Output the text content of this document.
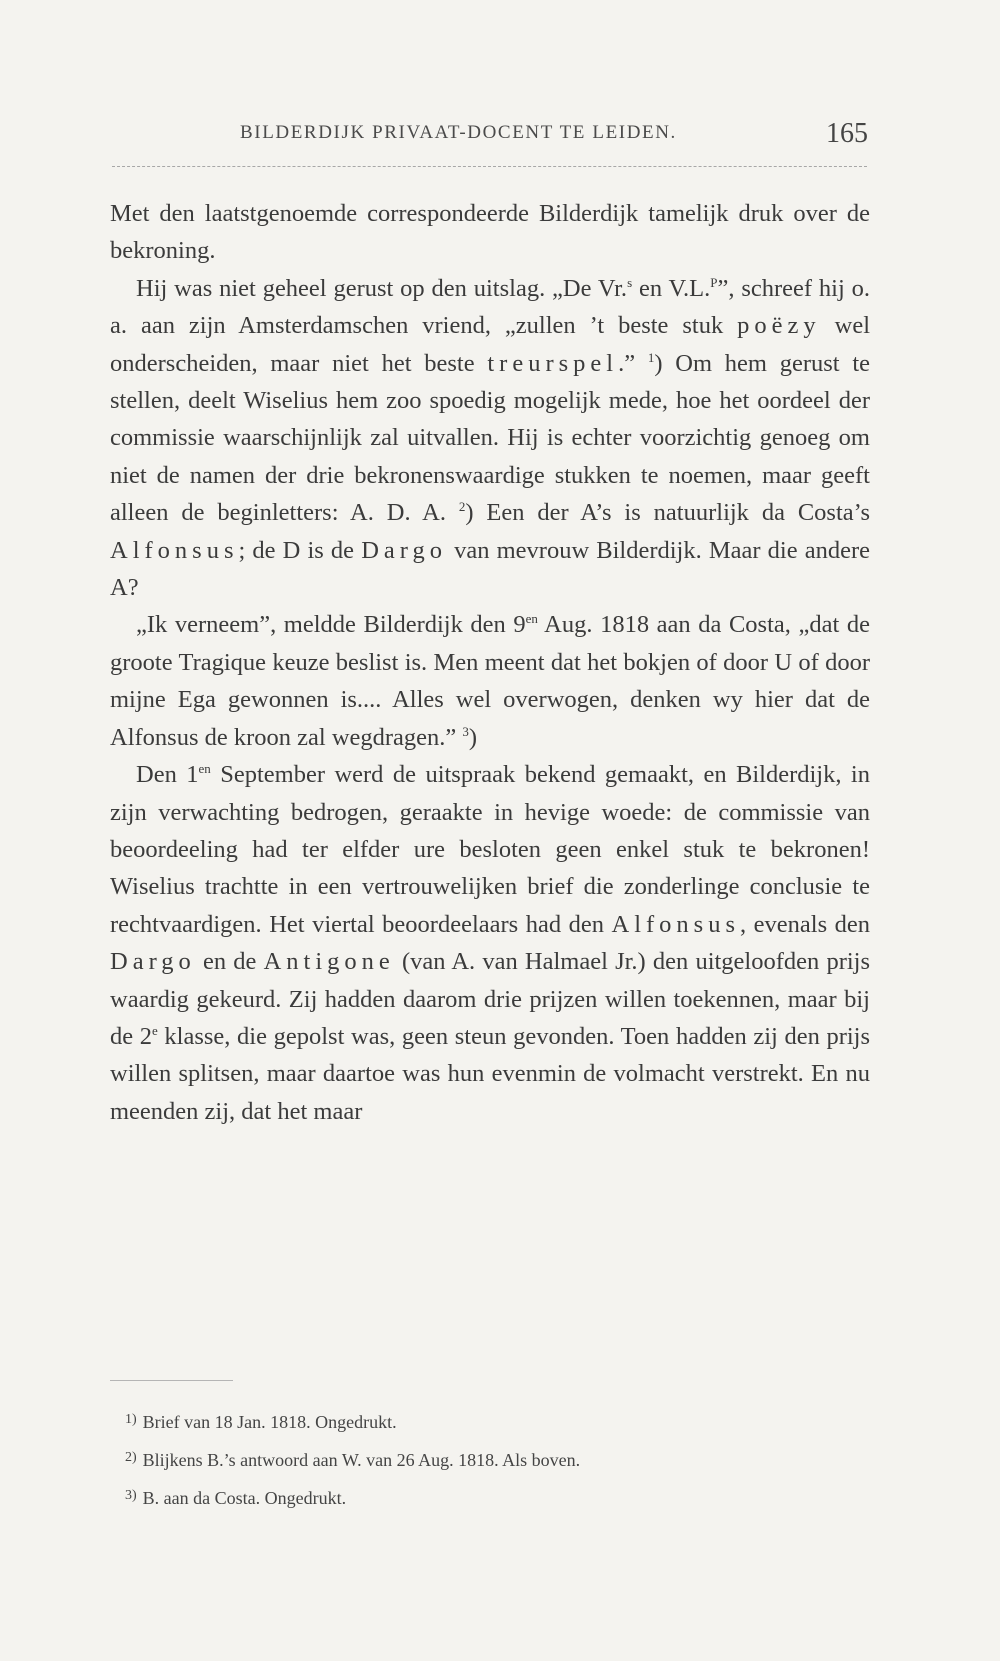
BILDERDIJK PRIVAAT-DOCENT TE LEIDEN.	165

Met den laatstgenoemde correspondeerde Bilderdijk tamelijk druk over de bekroning.

Hij was niet geheel gerust op den uitslag. „De Vr.$^s$ en V.L.$^P$”, schreef hij o. a. aan zijn Amsterdamschen vriend, „zullen ’t beste stuk poëzy wel onderscheiden, maar niet het beste treurspel.” $^1$) Om hem gerust te stellen, deelt Wiselius hem zoo spoedig mogelijk mede, hoe het oordeel der commissie waarschijnlijk zal uitvallen. Hij is echter voorzichtig genoeg om niet de namen der drie bekronenswaardige stukken te noemen, maar geeft alleen de beginletters: A. D. A. $^2$) Een der A’s is natuurlijk da Costa’s Alfonsus; de D is de Dargo van mevrouw Bilderdijk. Maar die andere A?

„Ik verneem”, meldde Bilderdijk den $9^{en}$ Aug. 1818 aan da Costa, „dat de groote Tragique keuze beslist is. Men meent dat het bokjen of door U of door mijne Ega gewonnen is.... Alles wel overwogen, denken wy hier dat de Alfonsus de kroon zal wegdragen.” $^3$)

Den $1^{en}$ September werd de uitspraak bekend gemaakt, en Bilderdijk, in zijn verwachting bedrogen, geraakte in hevige woede: de commissie van beoordeeling had ter elfder ure besloten geen enkel stuk te bekronen! Wiselius trachtte in een vertrouwelijken brief die zonderlinge conclusie te rechtvaardigen. Het viertal beoordeelaars had den Alfonsus, evenals den Dargo en de Antigone (van A. van Halmael Jr.) den uitgeloofden prijs waardig gekeurd. Zij hadden daarom drie prijzen willen toekennen, maar bij de 2e klasse, die gepolst was, geen steun gevonden. Toen hadden zij den prijs willen splitsen, maar daartoe was hun evenmin de volmacht verstrekt. En nu meenden zij, dat het maar

$^{1)}$ Brief van 18 Jan. 1818. Ongedrukt.

$^{2)}$ Blijkens B.’s antwoord aan W. van 26 Aug. 1818. Als boven.

$^{3)}$ B. aan da Costa. Ongedrukt.
